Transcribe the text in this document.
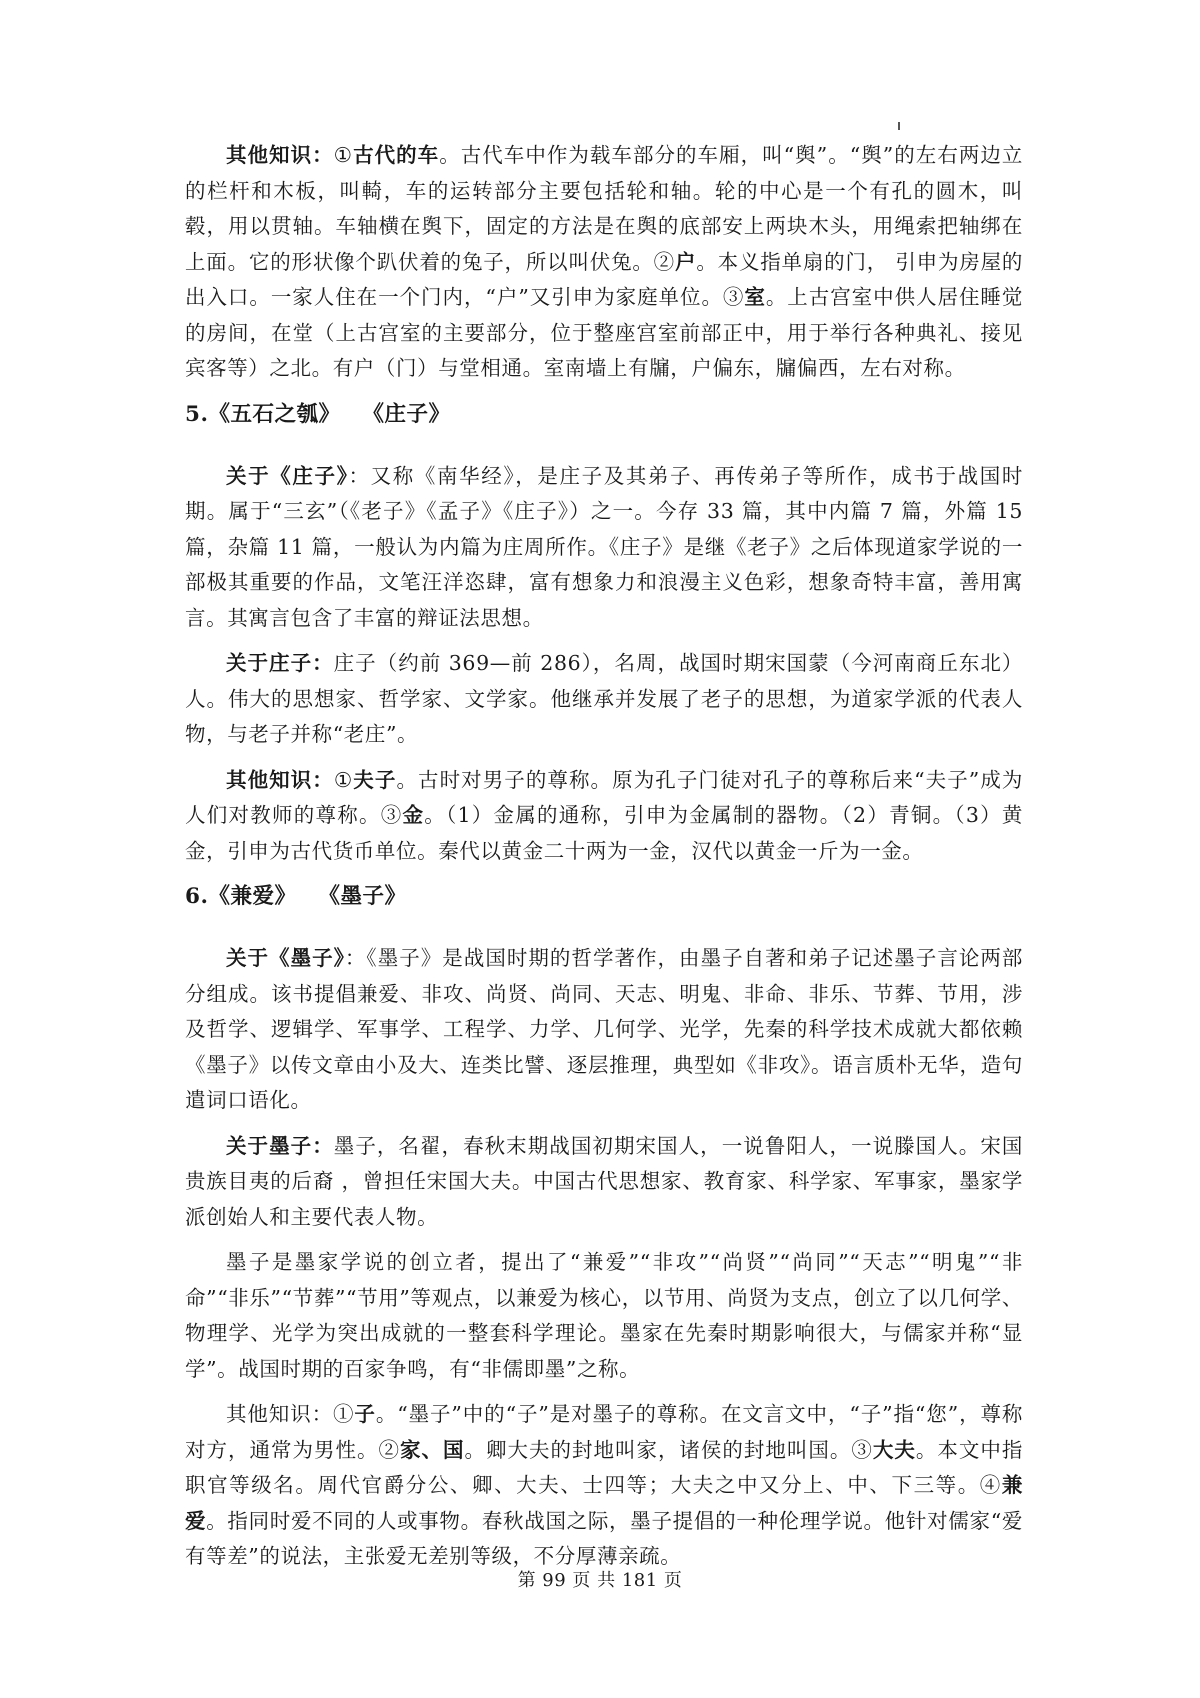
其他知识：①古代的车。古代车中作为载车部分的车厢，叫“舆”。“舆”的左右两边立的栏杆和木板，叫輢，车的运转部分主要包括轮和轴。轮的中心是一个有孔的圆木，叫毂，用以贯轴。车轴横在舆下，固定的方法是在舆的底部安上两块木头，用绳索把轴绑在上面。它的形状像个趴伏着的兔子，所以叫伏兔。②户。本义指单扇的门， 引申为房屋的出入口。一家人住在一个门内，“户”又引申为家庭单位。③室。上古宫室中供人居住睡觉的房间，在堂（上古宫室的主要部分，位于整座宫室前部正中，用于举行各种典礼、接见宾客等）之北。有户（门）与堂相通。室南墙上有牖，户偏东，牖偏西，左右对称。

5.《五石之瓠》 《庄子》

关于《庄子》：又称《南华经》，是庄子及其弟子、再传弟子等所作，成书于战国时期。属于“三玄”（《老子》《孟子》《庄子》）之一。今存 33 篇，其中内篇 7 篇，外篇 15 篇，杂篇 11 篇，一般认为内篇为庄周所作。《庄子》是继《老子》之后体现道家学说的一部极其重要的作品，文笔汪洋恣肆，富有想象力和浪漫主义色彩，想象奇特丰富，善用寓言。其寓言包含了丰富的辩证法思想。

关于庄子：庄子（约前 369—前 286），名周，战国时期宋国蒙（今河南商丘东北）人。伟大的思想家、哲学家、文学家。他继承并发展了老子的思想，为道家学派的代表人物，与老子并称“老庄”。

其他知识：①夫子。古时对男子的尊称。原为孔子门徒对孔子的尊称后来“夫子”成为人们对教师的尊称。③金。（1）金属的通称，引申为金属制的器物。（2）青铜。（3）黄金，引申为古代货币单位。秦代以黄金二十两为一金，汉代以黄金一斤为一金。

6.《兼爱》 《墨子》

关于《墨子》：《墨子》是战国时期的哲学著作，由墨子自著和弟子记述墨子言论两部分组成。该书提倡兼爱、非攻、尚贤、尚同、天志、明鬼、非命、非乐、节葬、节用，涉及哲学、逻辑学、军事学、工程学、力学、几何学、光学，先秦的科学技术成就大都依赖《墨子》以传文章由小及大、连类比譬、逐层推理，典型如《非攻》。语言质朴无华，造句遣词口语化。

关于墨子：墨子，名翟，春秋末期战国初期宋国人，一说鲁阳人，一说滕国人。宋国贵族目夷的后裔 ，曾担任宋国大夫。中国古代思想家、教育家、科学家、军事家，墨家学派创始人和主要代表人物。

墨子是墨家学说的创立者，提出了“兼爱”“非攻”“尚贤”“尚同”“天志”“明鬼”“非命”“非乐”“节葬”“节用”等观点，以兼爱为核心，以节用、尚贤为支点，创立了以几何学、物理学、光学为突出成就的一整套科学理论。墨家在先秦时期影响很大，与儒家并称“显学”。战国时期的百家争鸣，有“非儒即墨”之称。

其他知识：①子。“墨子”中的“子”是对墨子的尊称。在文言文中，“子”指“您”，尊称对方，通常为男性。②家、国。卿大夫的封地叫家，诸侯的封地叫国。③大夫。本文中指职官等级名。周代官爵分公、卿、大夫、士四等；大夫之中又分上、中、下三等。④兼爱。指同时爱不同的人或事物。春秋战国之际，墨子提倡的一种伦理学说。他针对儒家“爱有等差”的说法，主张爱无差别等级，不分厚薄亲疏。

第 99 页 共 181 页
